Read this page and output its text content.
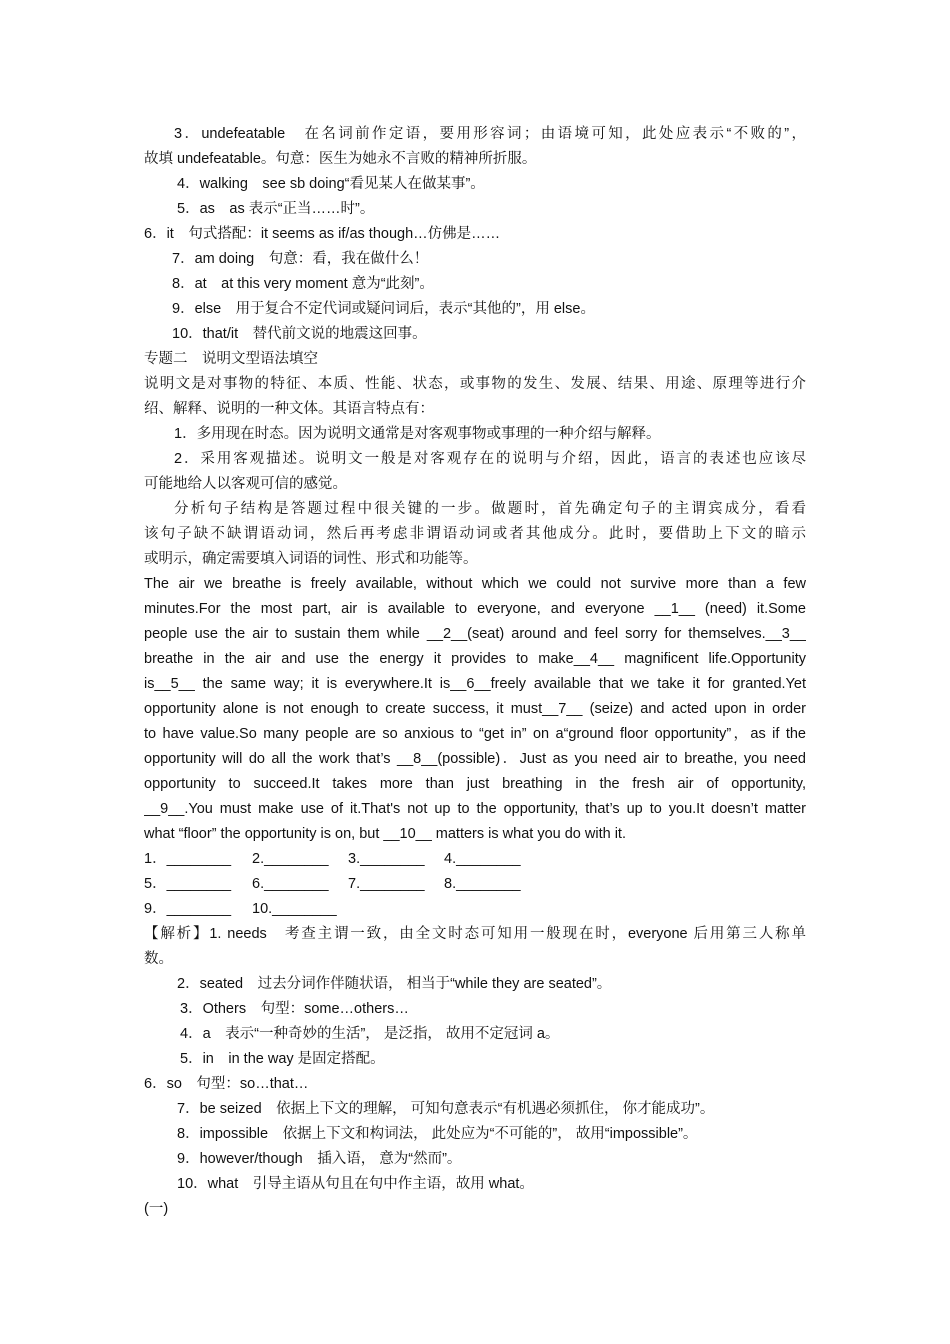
3．undefeatable　在名词前作定语，要用形容词；由语境可知，此处应表示“不败的”，
故填 undefeatable。句意：医生为她永不言败的精神所折服。
4．walking　see sb doing“看见某人在做某事”。
5．as　as 表示“正当……时”。
6．it　句式搭配：it seems as if/as though…仿佛是……
7．am doing　句意：看，我在做什么！
8．at　at this very moment 意为“此刻”。
9．else　用于复合不定代词或疑问词后，表示“其他的”，用 else。
10．that/it　替代前文说的地震这回事。
专题二　说明文型语法填空
说明文是对事物的特征、本质、性能、状态，或事物的发生、发展、结果、用途、原理等进行介
绍、解释、说明的一种文体。其语言特点有：
1．多用现在时态。因为说明文通常是对客观事物或事理的一种介绍与解释。
2．采用客观描述。说明文一般是对客观存在的说明与介绍，因此，语言的表述也应该尽
可能地给人以客观可信的感觉。
分析句子结构是答题过程中很关键的一步。做题时，首先确定句子的主谓宾成分，看看
该句子缺不缺谓语动词，然后再考虑非谓语动词或者其他成分。此时，要借助上下文的暗示
或明示，确定需要填入词语的词性、形式和功能等。
The air we breathe is freely available, without which we could not survive more than a few
minutes.For the most part, air is available to everyone, and everyone __1__ (need) it.Some
people use the air to sustain them while __2__(seat) around and feel sorry for themselves.__3__
breathe in the air and use the energy it provides to make__4__ magnificent life.Opportunity
is__5__ the same way; it is everywhere.It is__6__freely available that we take it for granted.Yet
opportunity alone is not enough to create success, it must__7__ (seize) and acted upon in order
to have value.So many people are so anxious to “get in” on a“ground floor opportunity”，as if the
opportunity will do all the work that’s __8__(possible)．Just as you need air to breathe, you need
opportunity to succeed.It takes more than just breathing in the fresh air of opportunity,
__9__.You must make use of it.That's not up to the opportunity, that’s up to you.It doesn’t matter
what “floor” the opportunity is on, but __10__ matters is what you do with it.
1．________ 2.________ 3.________ 4.________
5．________ 6.________ 7.________ 8.________
9．________ 10.________
【解析】1. needs　考查主谓一致，由全文时态可知用一般现在时，everyone 后用第三人称单
数。
2．seated　过去分词作伴随状语， 相当于“while they are seated”。
3．Others　句型：some…others…
4．a　表示“一种奇妙的生活”， 是泛指， 故用不定冠词 a。
5．in　in the way 是固定搭配。
6．so　句型：so…that…
7．be seized　依据上下文的理解， 可知句意表示“有机遇必须抓住， 你才能成功”。
8．impossible　依据上下文和构词法， 此处应为“不可能的”， 故用“impossible”。
9．however/though　插入语， 意为“然而”。
10．what　引导主语从句且在句中作主语，故用 what。
(一)
